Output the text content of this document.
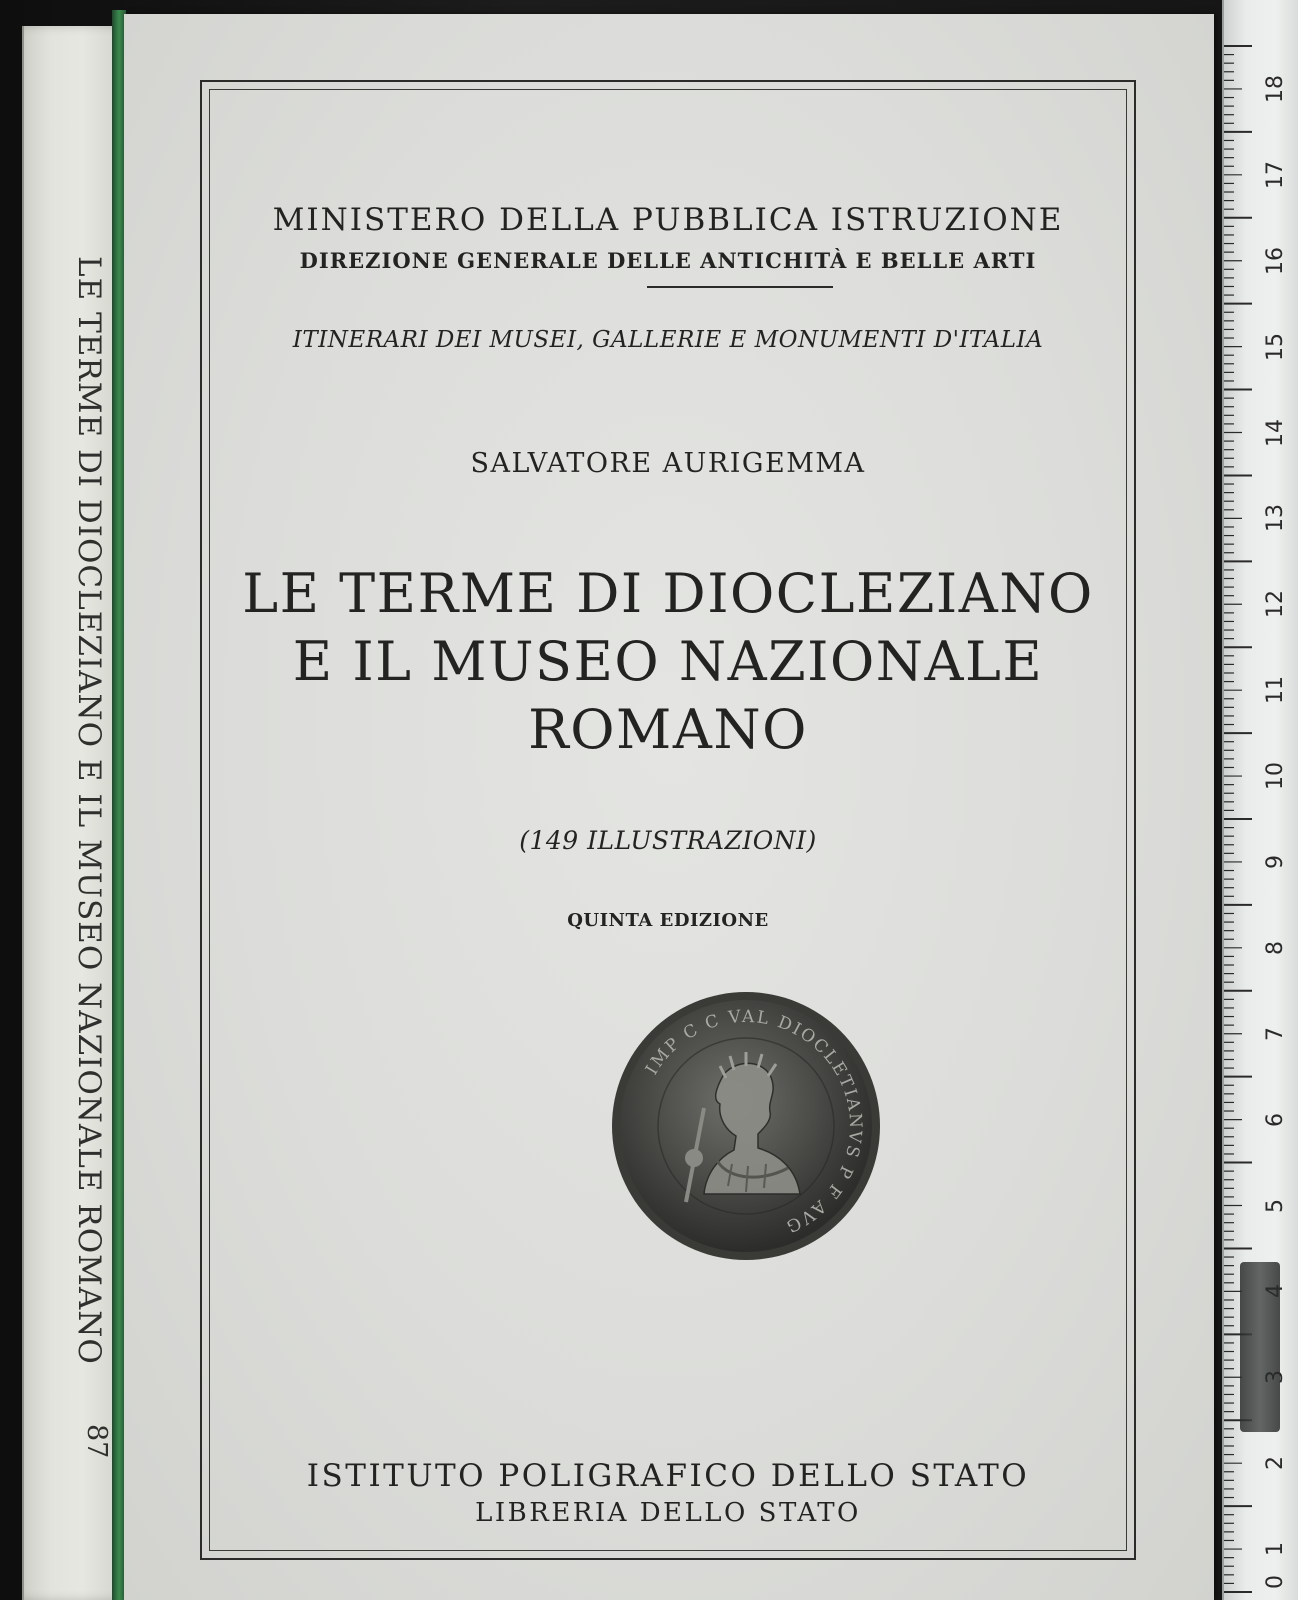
LE TERME DI DIOCLEZIANO E IL MUSEO NAZIONALE ROMANO
87
MINISTERO DELLA PUBBLICA ISTRUZIONE
DIREZIONE GENERALE DELLE ANTICHITÀ E BELLE ARTI
ITINERARI DEI MUSEI, GALLERIE E MONUMENTI D'ITALIA
SALVATORE AURIGEMMA
LE TERME DI DIOCLEZIANO
E IL MUSEO NAZIONALE
ROMANO
(149 ILLUSTRAZIONI)
QUINTA EDIZIONE
IMP C C VAL DIOCLETIANVS P F AVG
ISTITUTO POLIGRAFICO DELLO STATO
LIBRERIA DELLO STATO
18
17
16
15
14
13
12
11
10
9
8
7
6
5
4
3
2
1
0
